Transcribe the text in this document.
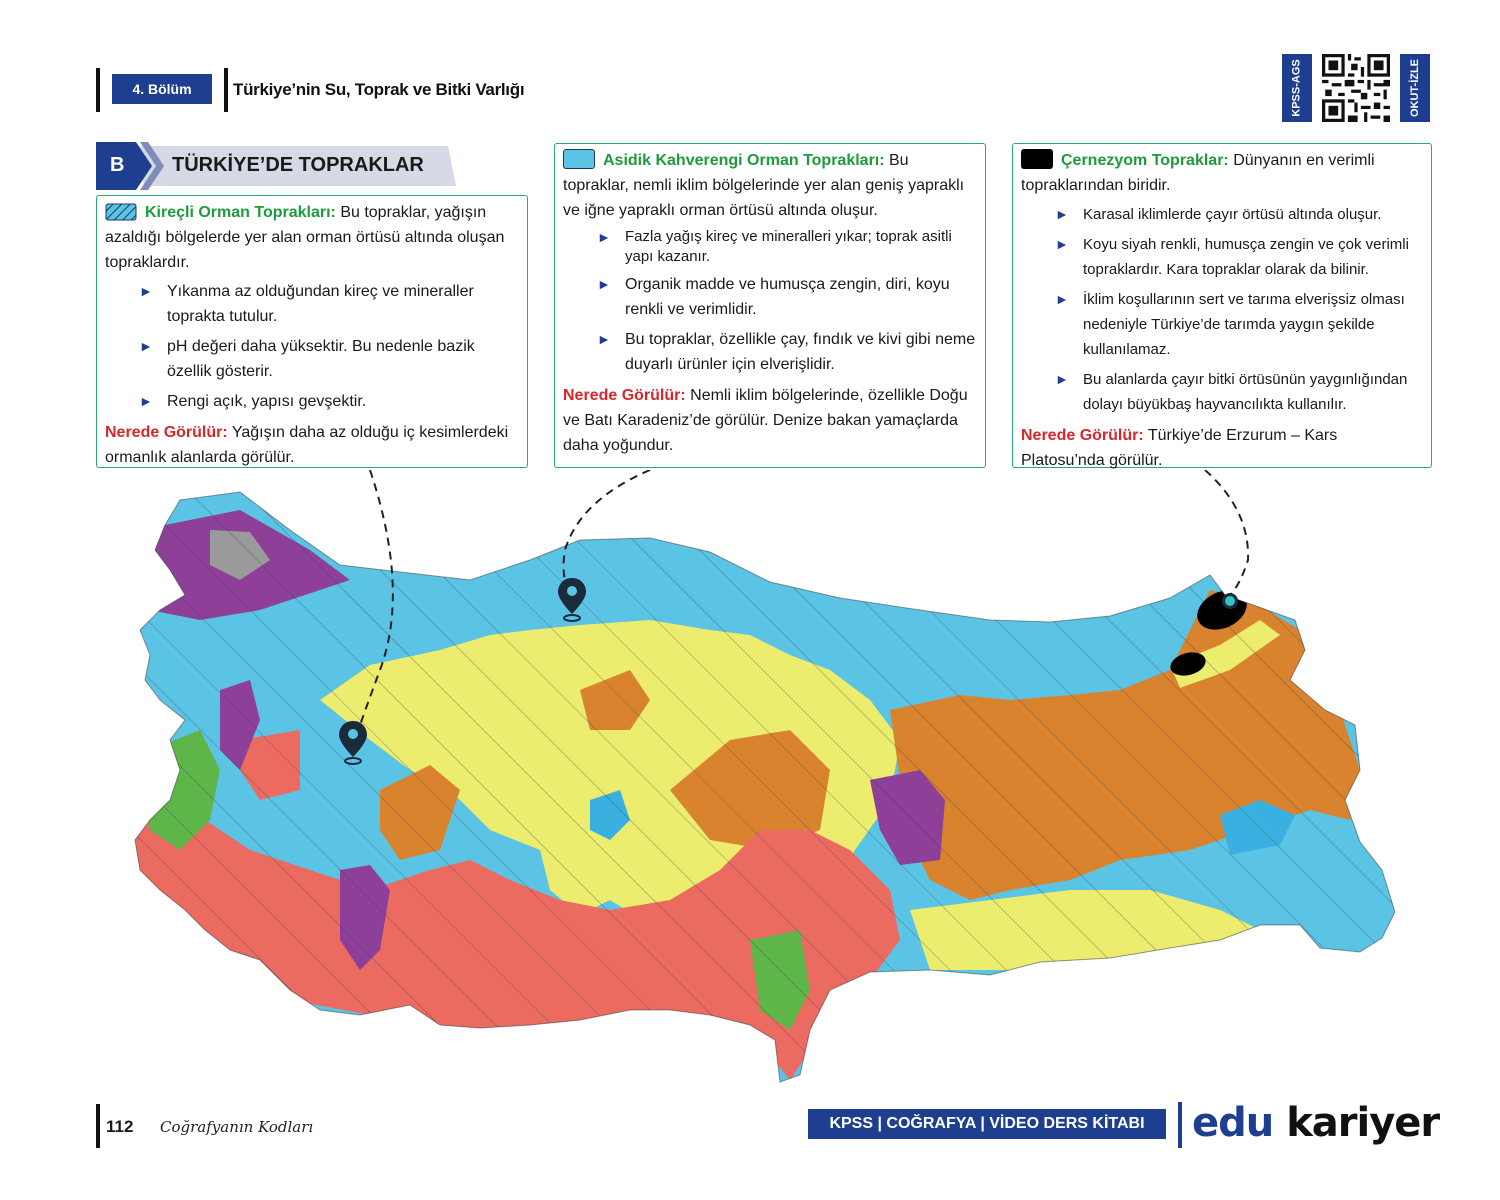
4. Bölüm	Türkiye’nin Su, Toprak ve Bitki Varlığı	KPSS-AGS	OKUT-İZLE
B TÜRKİYE’DE TOPRAKLAR
Kireçli Orman Toprakları: Bu topraklar, yağışın azaldığı bölgelerde yer alan orman örtüsü altında oluşan topraklardır.
► Yıkanma az olduğundan kireç ve mineraller toprakta tutulur.
► pH değeri daha yüksektir. Bu nedenle bazik özellik gösterir.
► Rengi açık, yapısı gevşektir.
Nerede Görülür: Yağışın daha az olduğu iç kesimlerdeki ormanlık alanlarda görülür.
Asidik Kahverengi Orman Toprakları: Bu topraklar, nemli iklim bölgelerinde yer alan geniş yapraklı ve iğne yapraklı orman örtüsü altında oluşur.
► Fazla yağış kireç ve mineralleri yıkar; toprak asitli yapı kazanır.
► Organik madde ve humusça zengin, diri, koyu renkli ve verimlidir.
► Bu topraklar, özellikle çay, fındık ve kivi gibi neme duyarlı ürünler için elverişlidir.
Nerede Görülür: Nemli iklim bölgelerinde, özellikle Doğu ve Batı Karadeniz’de görülür. Denize bakan yamaçlarda daha yoğundur.
Çernezyom Topraklar: Dünyanın en verimli topraklarından biridir.
► Karasal iklimlerde çayır örtüsü altında oluşur.
► Koyu siyah renkli, humusça zengin ve çok verimli topraklardır. Kara topraklar olarak da bilinir.
► İklim koşullarının sert ve tarıma elverişsiz olması nedeniyle Türkiye’de tarımda yaygın şekilde kullanılamaz.
► Bu alanlarda çayır bitki örtüsünün yaygınlığından dolayı büyükbaş hayvancılıkta kullanılır.
Nerede Görülür: Türkiye’de Erzurum – Kars Platosu’nda görülür.
112 Coğrafyanın Kodları	KPSS | COĞRAFYA | VİDEO DERS KİTABI	edu kariyer
